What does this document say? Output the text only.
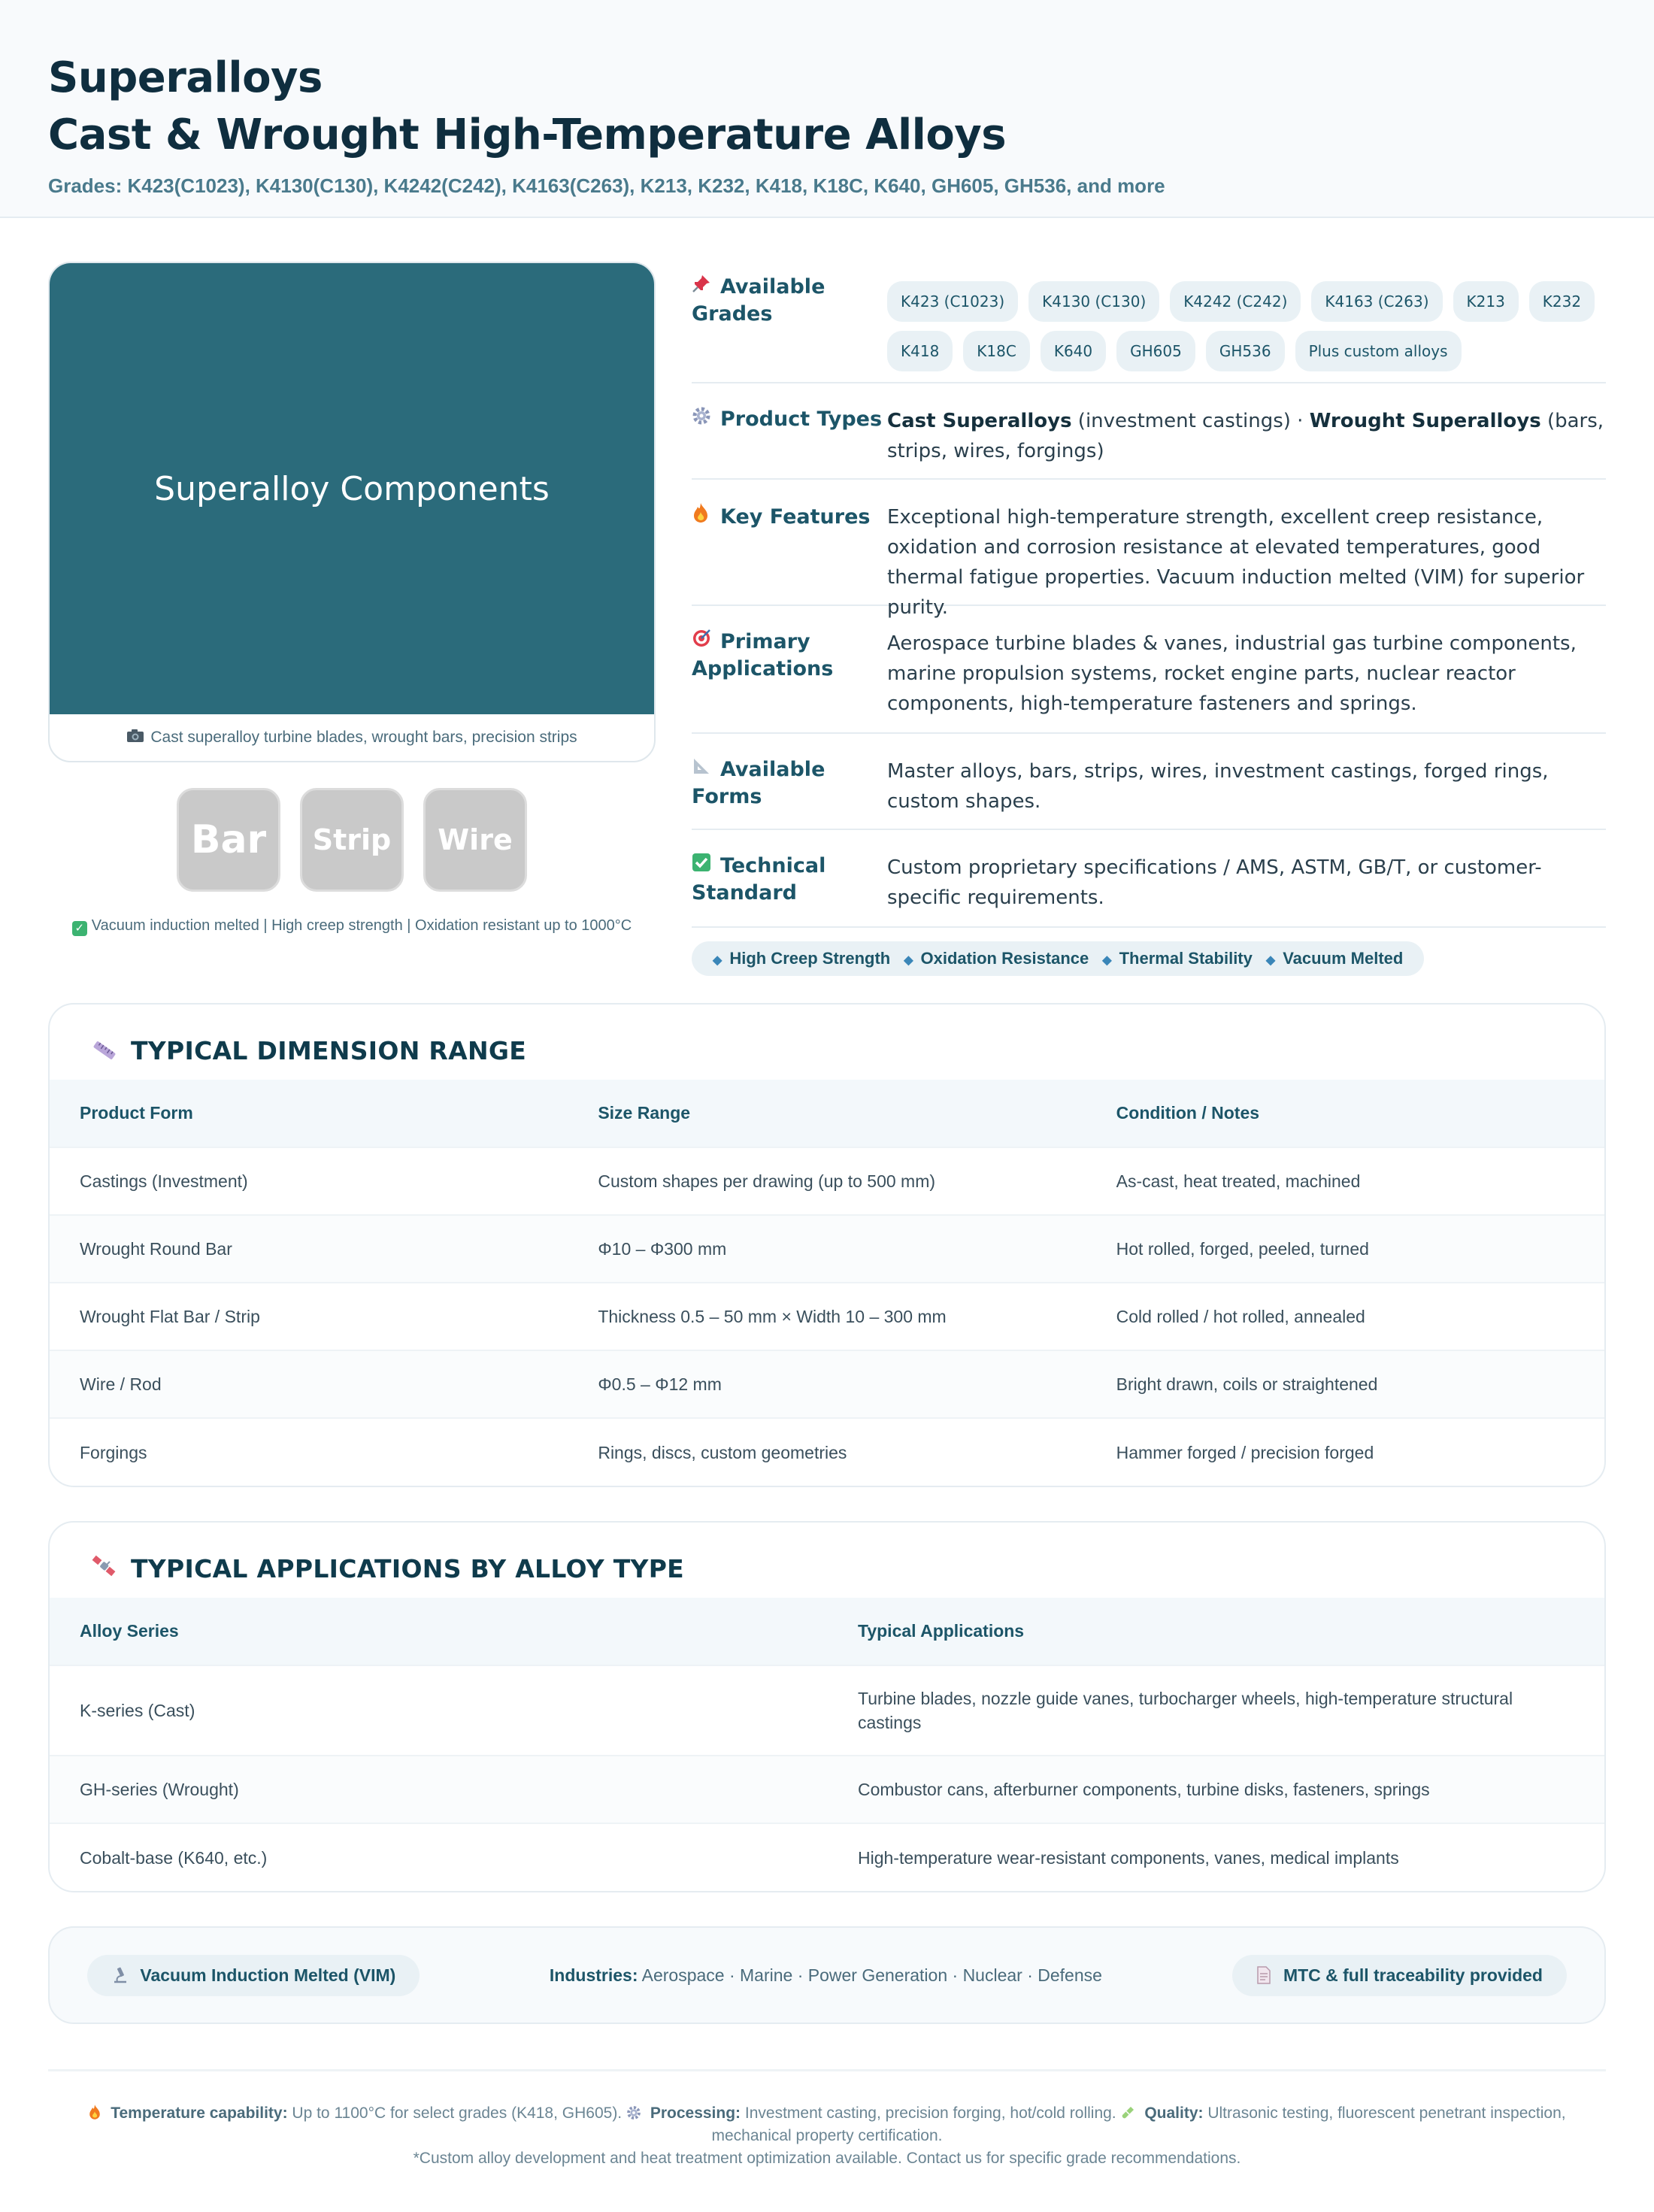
Superalloys
Cast & Wrought High-Temperature Alloys
Grades: K423(C1023), K4130(C130), K4242(C242), K4163(C263), K213, K232, K418, K18C, K640, GH605, GH536, and more
Superalloy Components
Cast superalloy turbine blades, wrought bars, precision strips
Bar	Strip	Wire
✓ Vacuum induction melted | High creep strength | Oxidation resistant up to 1000°C
Available Grades
K423 (C1023)	K4130 (C130)	K4242 (C242)	K4163 (C263)	K213	K232
K418	K18C	K640	GH605	GH536	Plus custom alloys
Product Types Cast Superalloys (investment castings) · Wrought Superalloys (bars, strips, wires, forgings)
Key Features Exceptional high-temperature strength, excellent creep resistance, oxidation and corrosion resistance at elevated temperatures, good thermal fatigue properties. Vacuum induction melted (VIM) for superior purity.
Primary Applications
Aerospace turbine blades & vanes, industrial gas turbine components, marine propulsion systems, rocket engine parts, nuclear reactor components, high-temperature fasteners and springs.
Available Forms
Master alloys, bars, strips, wires, investment castings, forged rings, custom shapes.
Technical Standard
Custom proprietary specifications / AMS, ASTM, GB/T, or customer-specific requirements.
◆ High Creep Strength ◆ Oxidation Resistance ◆ Thermal Stability ◆ Vacuum Melted
TYPICAL DIMENSION RANGE
Product Form	Size Range	Condition / Notes
Castings (Investment)	Custom shapes per drawing (up to 500 mm)	As-cast, heat treated, machined
Wrought Round Bar	Φ10 – Φ300 mm	Hot rolled, forged, peeled, turned
Wrought Flat Bar / Strip	Thickness 0.5 – 50 mm × Width 10 – 300 mm	Cold rolled / hot rolled, annealed
Wire / Rod	Φ0.5 – Φ12 mm	Bright drawn, coils or straightened
Forgings	Rings, discs, custom geometries	Hammer forged / precision forged
TYPICAL APPLICATIONS BY ALLOY TYPE
Alloy Series	Typical Applications
K-series (Cast)	Turbine blades, nozzle guide vanes, turbocharger wheels, high-temperature structural castings
GH-series (Wrought)	Combustor cans, afterburner components, turbine disks, fasteners, springs
Cobalt-base (K640, etc.)	High-temperature wear-resistant components, vanes, medical implants
Vacuum Induction Melted (VIM)	Industries: Aerospace · Marine · Power Generation · Nuclear · Defense	MTC & full traceability provided
Temperature capability: Up to 1100°C for select grades (K418, GH605).  Processing: Investment casting, precision forging, hot/cold rolling.  Quality: Ultrasonic testing, fluorescent penetrant inspection, mechanical property certification.
*Custom alloy development and heat treatment optimization available. Contact us for specific grade recommendations.
